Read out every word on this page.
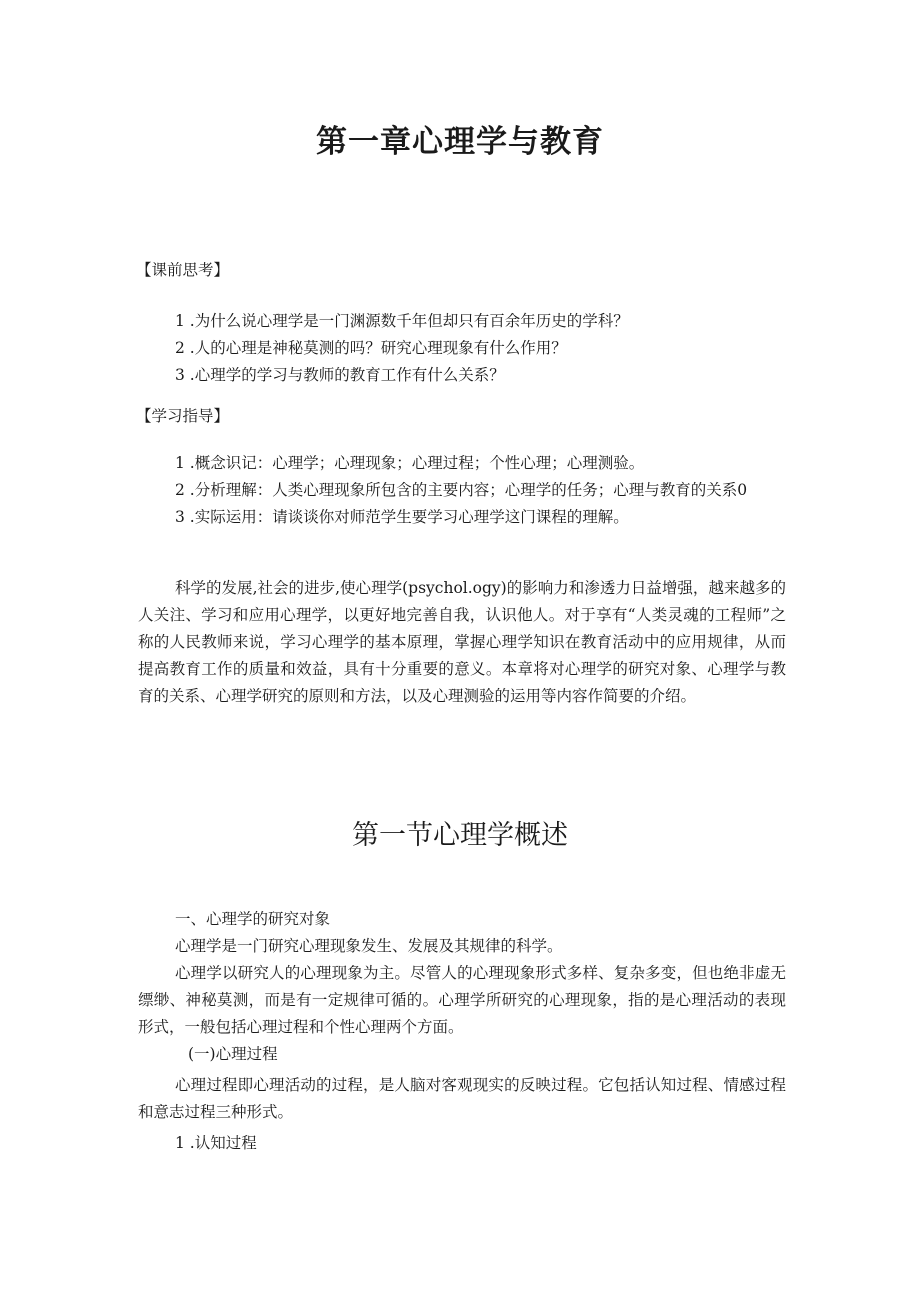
第一章心理学与教育
【课前思考】
1 .为什么说心理学是一门渊源数千年但却只有百余年历史的学科？
2 .人的心理是神秘莫测的吗？研究心理现象有什么作用？
3 .心理学的学习与教师的教育工作有什么关系？
【学习指导】
1 .概念识记：心理学；心理现象；心理过程；个性心理；心理测验。

2 .分析理解：人类心理现象所包含的主要内容；心理学的任务；心理与教育的关系0

3 .实际运用：请谈谈你对师范学生要学习心理学这门课程的理解。

科学的发展,社会的进步,使心理学(psychol.ogy)的影响力和渗透力日益增强，越来越多的人关注、学习和应用心理学，以更好地完善自我，认识他人。对于享有“人类灵魂的工程师”之称的人民教师来说，学习心理学的基本原理，掌握心理学知识在教育活动中的应用规律，从而提高教育工作的质量和效益，具有十分重要的意义。本章将对心理学的研究对象、心理学与教育的关系、心理学研究的原则和方法，以及心理测验的运用等内容作简要的介绍。

第一节心理学概述
一、心理学的研究对象
心理学是一门研究心理现象发生、发展及其规律的科学。

心理学以研究人的心理现象为主。尽管人的心理现象形式多样、复杂多变，但也绝非虚无缥缈、神秘莫测，而是有一定规律可循的。心理学所研究的心理现象，指的是心理活动的表现形式，一般包括心理过程和个性心理两个方面。

(一)心理过程

心理过程即心理活动的过程，是人脑对客观现实的反映过程。它包括认知过程、情感过程和意志过程三种形式。

1 .认知过程
